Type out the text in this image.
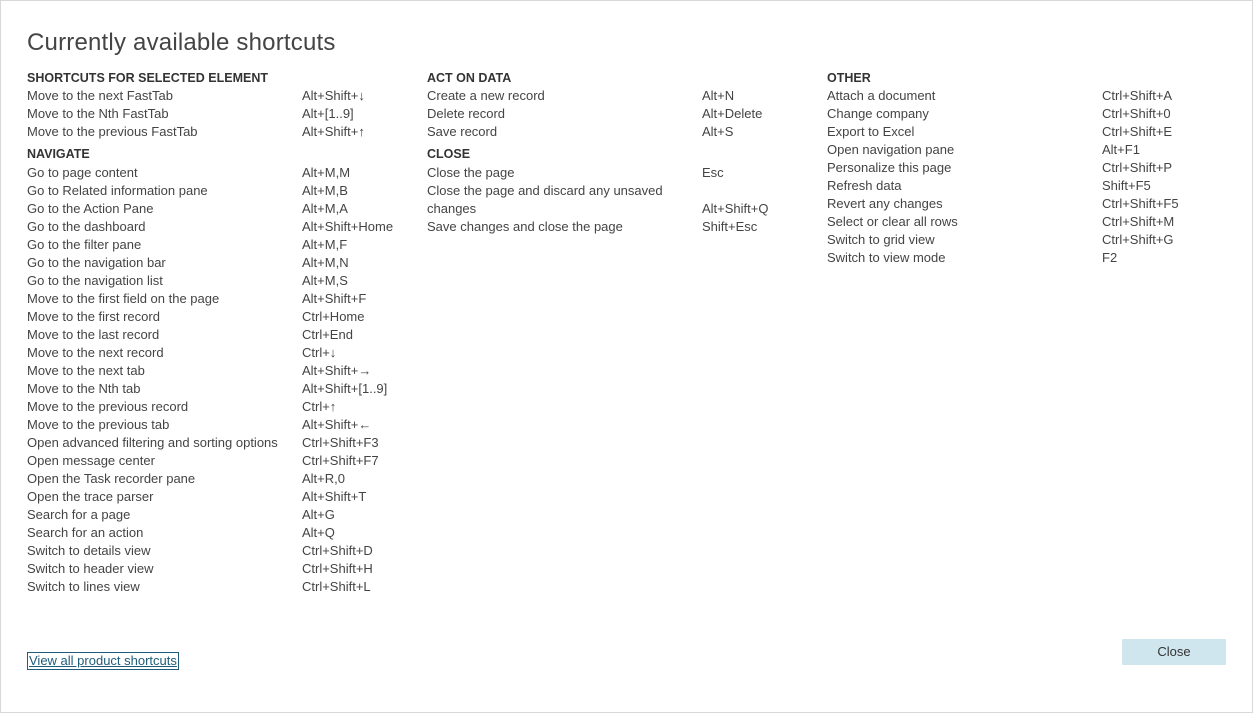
Currently available shortcuts
SHORTCUTS FOR SELECTED ELEMENT
Move to the next FastTab	Alt+Shift+↓
Move to the Nth FastTab	Alt+[1..9]
Move to the previous FastTab	Alt+Shift+↑
NAVIGATE
Go to page content	Alt+M,M
Go to Related information pane	Alt+M,B
Go to the Action Pane	Alt+M,A
Go to the dashboard	Alt+Shift+Home
Go to the filter pane	Alt+M,F
Go to the navigation bar	Alt+M,N
Go to the navigation list	Alt+M,S
Move to the first field on the page	Alt+Shift+F
Move to the first record	Ctrl+Home
Move to the last record	Ctrl+End
Move to the next record	Ctrl+↓
Move to the next tab	Alt+Shift+→
Move to the Nth tab	Alt+Shift+[1..9]
Move to the previous record	Ctrl+↑
Move to the previous tab	Alt+Shift+←
Open advanced filtering and sorting options Ctrl+Shift+F3
Open message center	Ctrl+Shift+F7
Open the Task recorder pane	Alt+R,0
Open the trace parser	Alt+Shift+T
Search for a page	Alt+G
Search for an action	Alt+Q
Switch to details view	Ctrl+Shift+D
Switch to header view	Ctrl+Shift+H
Switch to lines view	Ctrl+Shift+L
ACT ON DATA
Create a new record	Alt+N
Delete record	Alt+Delete
Save record	Alt+S
CLOSE
Close the page	Esc
Close the page and discard any unsaved changes	Alt+Shift+Q
Save changes and close the page	Shift+Esc
OTHER
Attach a document	Ctrl+Shift+A
Change company	Ctrl+Shift+0
Export to Excel	Ctrl+Shift+E
Open navigation pane	Alt+F1
Personalize this page	Ctrl+Shift+P
Refresh data	Shift+F5
Revert any changes	Ctrl+Shift+F5
Select or clear all rows	Ctrl+Shift+M
Switch to grid view	Ctrl+Shift+G
Switch to view mode	F2
View all product shortcuts
Close
